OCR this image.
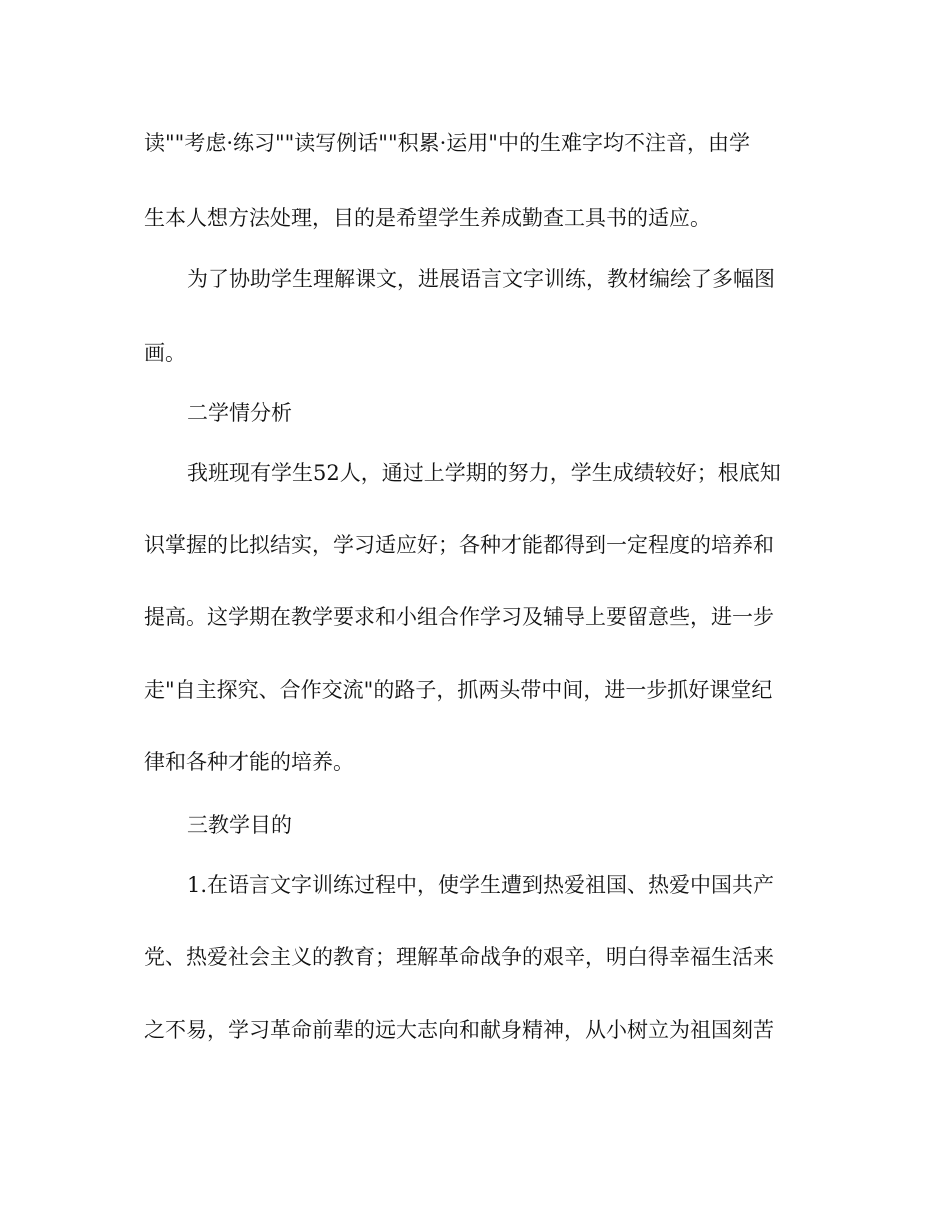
读""考虑·练习""读写例话""积累·运用"中的生难字均不注音，由学
生本人想方法处理，目的是希望学生养成勤查工具书的适应。
为了协助学生理解课文，进展语言文字训练，教材编绘了多幅图
画。
二学情分析
我班现有学生52人，通过上学期的努力，学生成绩较好；根底知
识掌握的比拟结实，学习适应好；各种才能都得到一定程度的培养和
提高。这学期在教学要求和小组合作学习及辅导上要留意些，进一步
走"自主探究、合作交流"的路子，抓两头带中间，进一步抓好课堂纪
律和各种才能的培养。
三教学目的
1.在语言文字训练过程中，使学生遭到热爱祖国、热爱中国共产
党、热爱社会主义的教育；理解革命战争的艰辛，明白得幸福生活来
之不易，学习革命前辈的远大志向和献身精神，从小树立为祖国刻苦
